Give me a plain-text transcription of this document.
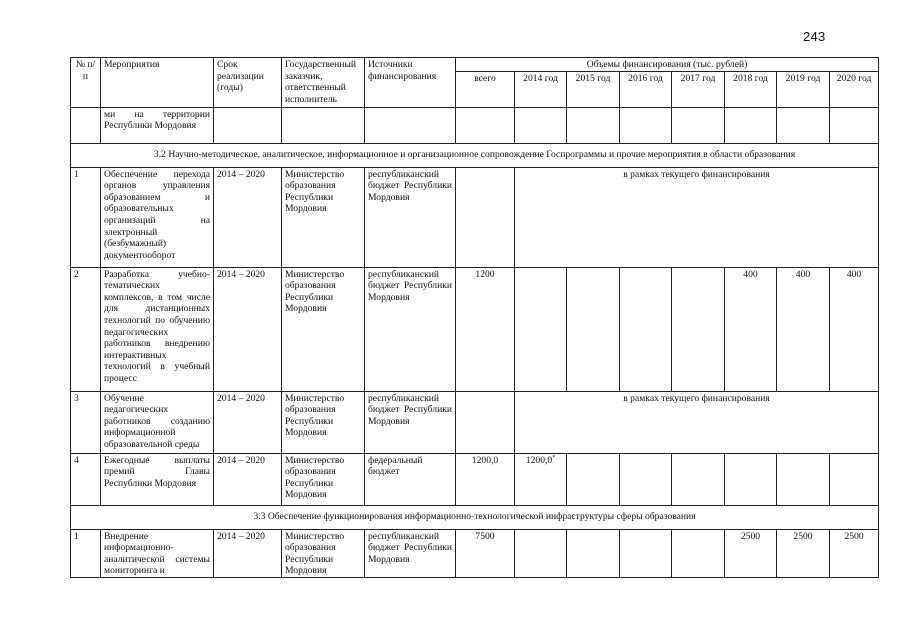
243
№ п/п	Мероприятия	Срок реализации (годы)	Государственный заказчик, ответственный исполнитель	Источники финансирования	Объемы финансирования (тыс. рублей)							
					всего	2014 год	2015 год	2016 год	2017 год	2018 год	2019 год	2020 год
	ми на территории Республики Мордовия											
3.2 Научно-методическое, аналитическое, информационное и организационное сопровождение Госпрограммы и прочие мероприятия в области образования												
1	Обеспечение перехода органов управления образованием и образовательных организаций на электронный (безбумажный) документооборот	2014 – 2020	Министерство образования Республики Мордовия	республиканский бюджет Республики Мордовия		в рамках текущего финансирования						
2	Разработка учебно-тематических комплексов, в том числе для дистанционных технологий по обучению педагогических работников внедрению интерактивных технологий в учебный процесс	2014 – 2020	Министерство образования Республики Мордовия	республиканский бюджет Республики Мордовия	1200					400	400	400
3	Обучение педагогических работников созданию информационной образовательной среды	2014 – 2020	Министерство образования Республики Мордовия	республиканский бюджет Республики Мордовия		в рамках текущего финансирования						
4	Ежегодные выплаты премий Главы Республики Мордовия	2014 – 2020	Министерство образования Республики Мордовия	федеральный бюджет	1200,0	1200,0*						
3.3 Обеспечение функционирования информационно-технологической инфраструктуры сферы образования												
1	Внедрение информационно-аналитической системы мониторинга и	2014 – 2020	Министерство образования Республики Мордовия	республиканский бюджет Республики Мордовия	7500					2500	2500	2500
